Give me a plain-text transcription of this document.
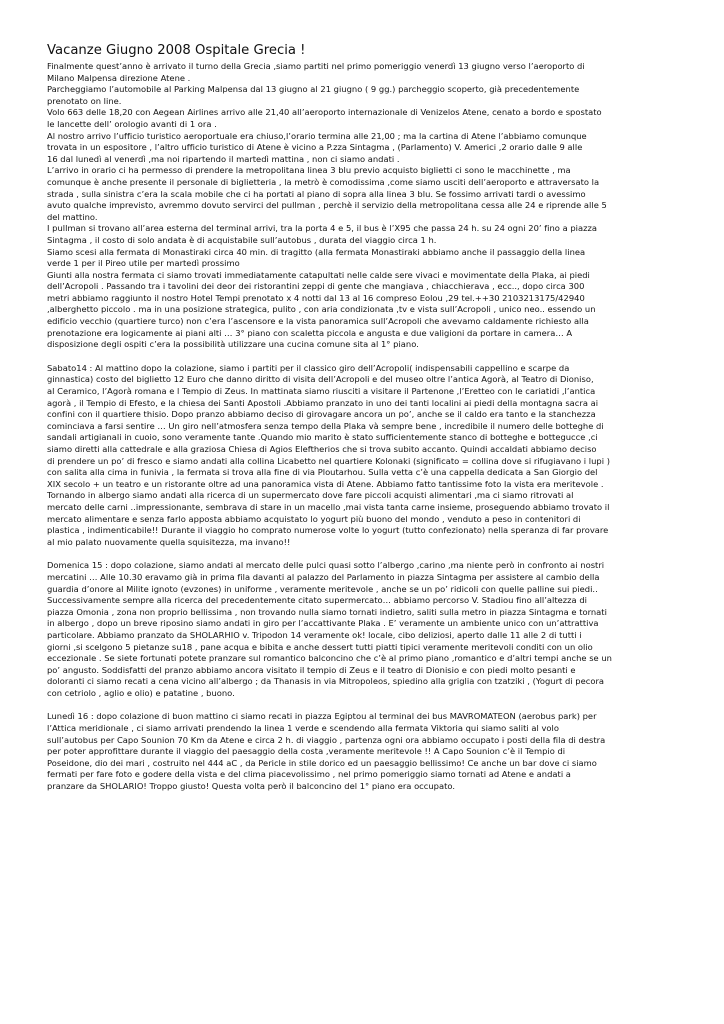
Vacanze Giugno 2008 Ospitale Grecia !
Finalmente quest’anno è arrivato il turno della Grecia ,siamo partiti nel primo pomeriggio venerdì 13 giugno verso l’aeroporto di
Milano Malpensa direzione Atene .
Parcheggiamo l’automobile al Parking Malpensa dal 13 giugno al 21 giugno ( 9 gg.) parcheggio scoperto, già precedentemente
prenotato on line.
Volo 663 delle 18,20 con Aegean Airlines arrivo alle 21,40 all’aeroporto internazionale di Venizelos Atene, cenato a bordo e spostato
le lancette dell’ orologio avanti di 1 ora .
Al nostro arrivo l’ufficio turistico aeroportuale era chiuso,l’orario termina alle 21,00 ; ma la cartina di Atene l’abbiamo comunque
trovata in un espositore , l’altro ufficio turistico di Atene è vicino a P.zza Sintagma , (Parlamento) V. Americi ,2 orario dalle 9 alle
16 dal lunedì al venerdì ,ma noi ripartendo il martedì mattina , non ci siamo andati .
L’arrivo in orario ci ha permesso di prendere la metropolitana linea 3 blu previo acquisto biglietti ci sono le macchinette , ma
comunque è anche presente il personale di biglietteria , la metrò è comodissima ,come siamo usciti dell’aeroporto e attraversato la
strada , sulla sinistra c’era la scala mobile che ci ha portati al piano di sopra alla linea 3 blu. Se fossimo arrivati tardi o avessimo
avuto qualche imprevisto, avremmo dovuto servirci del pullman , perchè il servizio della metropolitana cessa alle 24 e riprende alle 5
del mattino.
I pullman si trovano all’area esterna del terminal arrivi, tra la porta 4 e 5, il bus è l’X95 che passa 24 h. su 24 ogni 20’ fino a piazza
Sintagma , il costo di solo andata è di acquistabile sull’autobus , durata del viaggio circa 1 h.
Siamo scesi alla fermata di Monastiraki circa 40 min. di tragitto (alla fermata Monastiraki abbiamo anche il passaggio della linea
verde 1 per il Pireo utile per martedì prossimo
Giunti alla nostra fermata ci siamo trovati immediatamente catapultati nelle calde sere vivaci e movimentate della Plaka, ai piedi
dell’Acropoli . Passando tra i tavolini dei deor dei ristorantini zeppi di gente che mangiava , chiacchierava , ecc.., dopo circa 300
metri abbiamo raggiunto il nostro Hotel Tempi prenotato x 4 notti dal 13 al 16 compreso Eolou ,29 tel.++30 2103213175/42940
,alberghetto piccolo . ma in una posizione strategica, pulito , con aria condizionata ,tv e vista sull’Acropoli , unico neo.. essendo un
edificio vecchio (quartiere turco) non c’era l’ascensore e la vista panoramica sull’Acropoli che avevamo caldamente richiesto alla
prenotazione era logicamente ai piani alti … 3° piano con scaletta piccola e angusta e due valigioni da portare in camera… A
disposizione degli ospiti c’era la possibilità utilizzare una cucina comune sita al 1° piano.
Sabato14 : Al mattino dopo la colazione, siamo i partiti per il classico giro dell’Acropoli( indispensabili cappellino e scarpe da
ginnastica) costo del biglietto 12 Euro che danno diritto di visita dell’Acropoli e del museo oltre l’antica Agorà, al Teatro di Dioniso,
al Ceramico, l’Agorà romana e l Tempio di Zeus. In mattinata siamo riusciti a visitare il Partenone ,l’Eretteo con le cariatidi ,l’antica
agorà , il Tempio di Efesto, e la chiesa dei Santi Apostoli .Abbiamo pranzato in uno dei tanti localini ai piedi della montagna sacra ai
confini con il quartiere thisio. Dopo pranzo abbiamo deciso di girovagare ancora un po’, anche se il caldo era tanto e la stanchezza
cominciava a farsi sentire … Un giro nell’atmosfera senza tempo della Plaka và sempre bene , incredibile il numero delle botteghe di
sandali artigianali in cuoio, sono veramente tante .Quando mio marito è stato sufficientemente stanco di botteghe e botteguccе ,ci
siamo diretti alla cattedrale e alla graziosa Chiesa di Agios Eleftherios che si trova subito accanto. Quindi accaldati abbiamo deciso
di prendere un po’ di fresco e siamo andati alla collina Licabetto nel quartiere Kolonaki (significato = collina dove si rifugiavano i lupi )
con salita alla cima in funivia , la fermata si trova alla fine di via Ploutarhou. Sulla vetta c’è una cappella dedicata a San Giorgio del
XIX secolo + un teatro e un ristorante oltre ad una panoramica vista di Atene. Abbiamo fatto tantissime foto la vista era meritevole .
Tornando in albergo siamo andati alla ricerca di un supermercato dove fare piccoli acquisti alimentari ,ma ci siamo ritrovati al
mercato delle carni ..impressionante, sembrava di stare in un macello ,mai vista tanta carne insieme, proseguendo abbiamo trovato il
mercato alimentare e senza farlo apposta abbiamo acquistato lo yogurt più buono del mondo , venduto a peso in contenitori di
plastica , indimenticabile!! Durante il viaggio ho comprato numerose volte lo yogurt (tutto confezionato) nella speranza di far provare
al mio palato nuovamente quella squisitezza, ma invano!!
Domenica 15 : dopo colazione, siamo andati al mercato delle pulci quasi sotto l’albergo ,carino ,ma niente però in confronto ai nostri
mercatini … Alle 10.30 eravamo già in prima fila davanti al palazzo del Parlamento in piazza Sintagma per assistere al cambio della
guardia d’onore al Milite ignoto (evzones) in uniforme , veramente meritevole , anche se un po’ ridicoli con quelle palline sui piedi..
Successivamente sempre alla ricerca del precedentemente citato supermercato… abbiamo percorso V. Stadiou fino all’altezza di
piazza Omonia , zona non proprio bellissima , non trovando nulla siamo tornati indietro, saliti sulla metro in piazza Sintagma e tornati
in albergo , dopo un breve riposino siamo andati in giro per l’accattivante Plaka . E’ veramente un ambiente unico con un’attrattiva
particolare. Abbiamo pranzato da SHOLARHIO v. Tripodon 14 veramente ok! locale, cibo deliziosi, aperto dalle 11 alle 2 di tutti i
giorni ,si scelgono 5 pietanze su18 , pane acqua e bibita e anche dessert tutti piatti tipici veramente meritevoli conditi con un olio
eccezionale . Se siete fortunati potete pranzare sul romantico balconcino che c’è al primo piano ,romantico e d’altri tempi anche se un
po’ angusto. Soddisfatti del pranzo abbiamo ancora visitato il tempio di Zeus e il teatro di Dionisio e con piedi molto pesanti e
doloranti ci siamo recati a cena vicino all’albergo ; da Thanasis in via Mitropoleos, spiedino alla griglia con tzatziki , (Yogurt di pecora
con cetriolo , aglio e olio) e patatine , buono.
Lunedì 16 : dopo colazione di buon mattino ci siamo recati in piazza Egiptou al terminal dei bus MAVROMATEON (aerobus park) per
l’Attica meridionale , ci siamo arrivati prendendo la linea 1 verde e scendendo alla fermata Viktoria qui siamo saliti al volo
sull’autobus per Capo Sounion 70 Km da Atene e circa 2 h. di viaggio , partenza ogni ora abbiamo occupato i posti della fila di destra
per poter approfittare durante il viaggio del paesaggio della costa ,veramente meritevole !! A Capo Sounion c’è il Tempio di
Poseidone, dio dei mari , costruito nel 444 aC , da Pericle in stile dorico ed un paesaggio bellissimo! Ce anche un bar dove ci siamo
fermati per fare foto e godere della vista e del clima piacevolissimo , nel primo pomeriggio siamo tornati ad Atene e andati a
pranzare da SHOLARIO! Troppo giusto! Questa volta però il balconcino del 1° piano era occupato.
